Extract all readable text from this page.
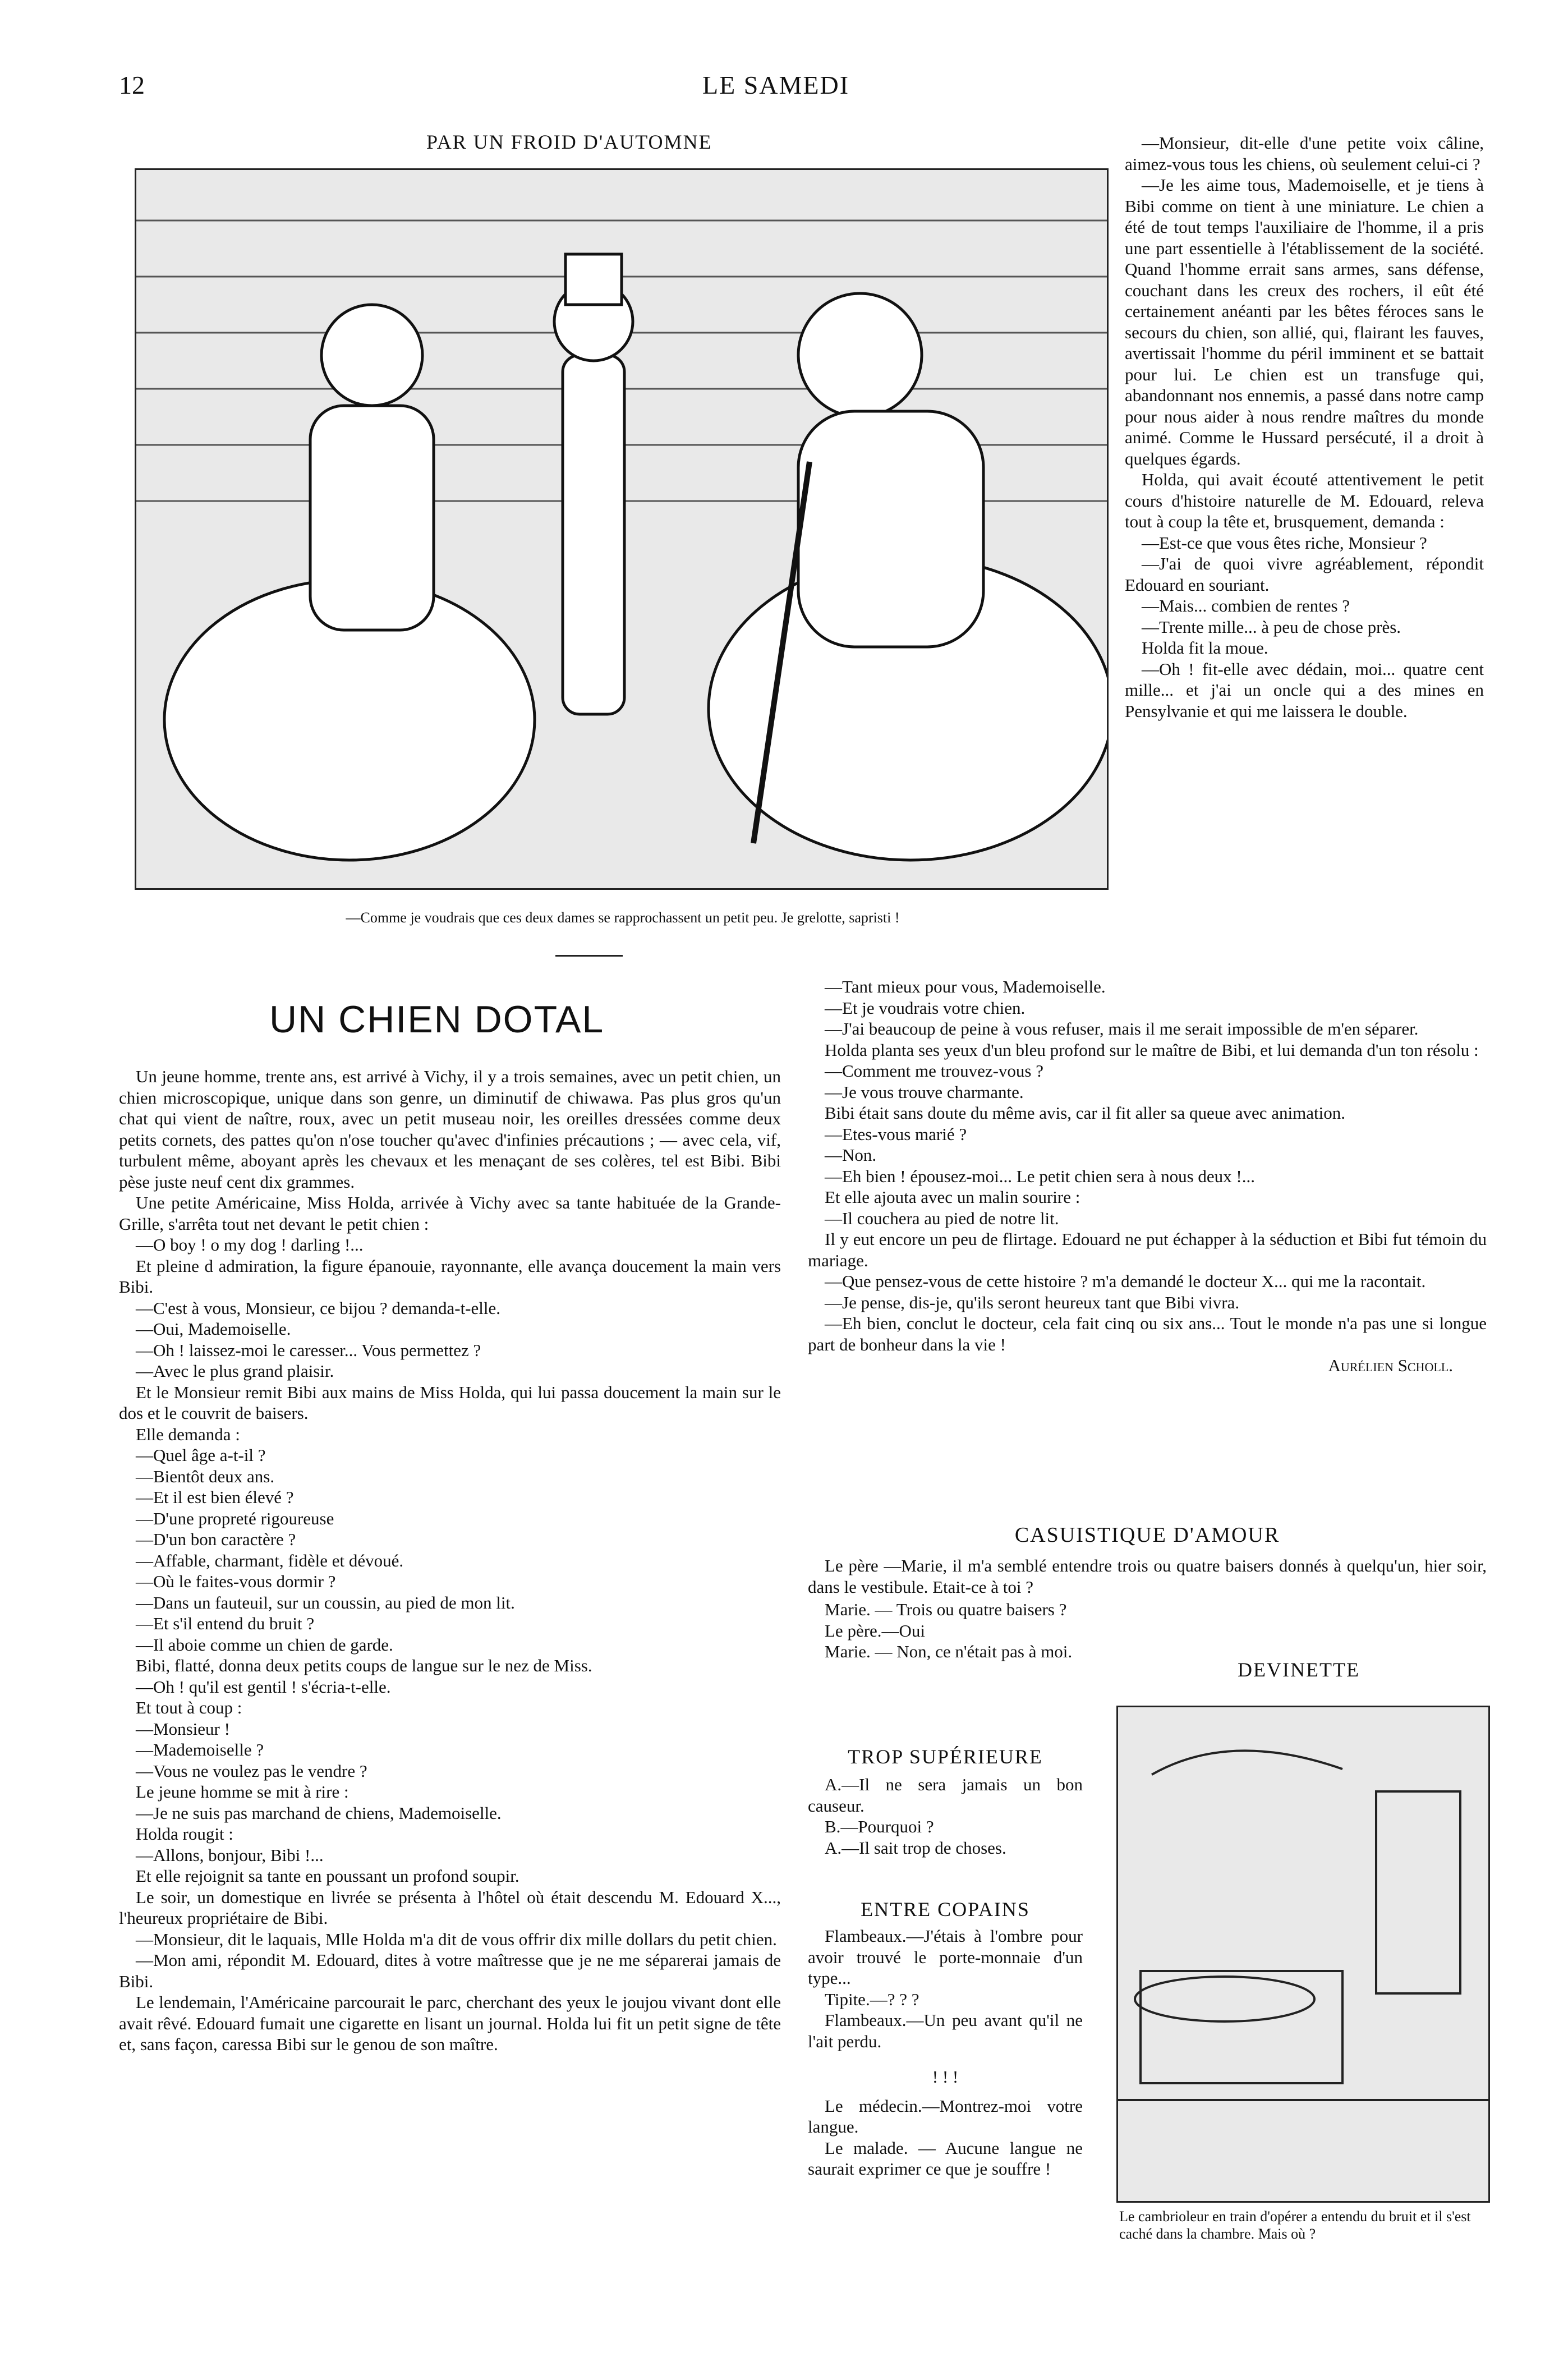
12	LE SAMEDI
PAR UN FROID D'AUTOMNE
—Comme je voudrais que ces deux dames se rapprochassent un petit peu. Je grelotte, sapristi !

—Monsieur, dit-elle d'une petite voix câline, aimez-vous tous les chiens, où seulement celui-ci ?

—Je les aime tous, Mademoiselle, et je tiens à Bibi comme on tient à une miniature. Le chien a été de tout temps l'auxiliaire de l'homme, il a pris une part essentielle à l'établissement de la société. Quand l'homme errait sans armes, sans défense, couchant dans les creux des rochers, il eût été certainement anéanti par les bêtes féroces sans le secours du chien, son allié, qui, flairant les fauves, avertissait l'homme du péril imminent et se battait pour lui. Le chien est un transfuge qui, abandonnant nos ennemis, a passé dans notre camp pour nous aider à nous rendre maîtres du monde animé. Comme le Hussard persécuté, il a droit à quelques égards.

Holda, qui avait écouté attentivement le petit cours d'histoire naturelle de M. Edouard, releva tout à coup la tête et, brusquement, demanda :

—Est-ce que vous êtes riche, Monsieur ?

—J'ai de quoi vivre agréablement, répondit Edouard en souriant.

—Mais... combien de rentes ?

—Trente mille... à peu de chose près.

Holda fit la moue.

—Oh ! fit-elle avec dédain, moi... quatre cent mille... et j'ai un oncle qui a des mines en Pensylvanie et qui me laissera le double.

UN CHIEN DOTAL

Un jeune homme, trente ans, est arrivé à Vichy, il y a trois semaines, avec un petit chien, un chien microscopique, unique dans son genre, un diminutif de chiwawa. Pas plus gros qu'un chat qui vient de naître, roux, avec un petit museau noir, les oreilles dressées comme deux petits cornets, des pattes qu'on n'ose toucher qu'avec d'infinies précautions ; — avec cela, vif, turbulent même, aboyant après les chevaux et les menaçant de ses colères, tel est Bibi. Bibi pèse juste neuf cent dix grammes.

Une petite Américaine, Miss Holda, arrivée à Vichy avec sa tante habituée de la Grande-Grille, s'arrêta tout net devant le petit chien :

—O boy ! o my dog ! darling !...

Et pleine d admiration, la figure épanouie, rayonnante, elle avança doucement la main vers Bibi.

—C'est à vous, Monsieur, ce bijou ? demanda-t-elle.

—Oui, Mademoiselle.

—Oh ! laissez-moi le caresser... Vous permettez ?

—Avec le plus grand plaisir.

Et le Monsieur remit Bibi aux mains de Miss Holda, qui lui passa doucement la main sur le dos et le couvrit de baisers.

Elle demanda :

—Quel âge a-t-il ?

—Bientôt deux ans.

—Et il est bien élevé ?

—D'une propreté rigoureuse

—D'un bon caractère ?

—Affable, charmant, fidèle et dévoué.

—Où le faites-vous dormir ?

—Dans un fauteuil, sur un coussin, au pied de mon lit.

—Et s'il entend du bruit ?

—Il aboie comme un chien de garde.

Bibi, flatté, donna deux petits coups de langue sur le nez de Miss.

—Oh ! qu'il est gentil ! s'écria-t-elle.

Et tout à coup :

—Monsieur !

—Mademoiselle ?

—Vous ne voulez pas le vendre ?

Le jeune homme se mit à rire :

—Je ne suis pas marchand de chiens, Mademoiselle.

Holda rougit :

—Allons, bonjour, Bibi !...

Et elle rejoignit sa tante en poussant un profond soupir.

Le soir, un domestique en livrée se présenta à l'hôtel où était descendu M. Edouard X..., l'heureux propriétaire de Bibi.

—Monsieur, dit le laquais, Mlle Holda m'a dit de vous offrir dix mille dollars du petit chien.

—Mon ami, répondit M. Edouard, dites à votre maîtresse que je ne me séparerai jamais de Bibi.

Le lendemain, l'Américaine parcourait le parc, cherchant des yeux le joujou vivant dont elle avait rêvé. Edouard fumait une cigarette en lisant un journal. Holda lui fit un petit signe de tête et, sans façon, caressa Bibi sur le genou de son maître.

—Tant mieux pour vous, Mademoiselle.

—Et je voudrais votre chien.

—J'ai beaucoup de peine à vous refuser, mais il me serait impossible de m'en séparer.

Holda planta ses yeux d'un bleu profond sur le maître de Bibi, et lui demanda d'un ton résolu :

—Comment me trouvez-vous ?

—Je vous trouve charmante.

Bibi était sans doute du même avis, car il fit aller sa queue avec animation.

—Etes-vous marié ?

—Non.

—Eh bien ! épousez-moi... Le petit chien sera à nous deux !...

Et elle ajouta avec un malin sourire :

—Il couchera au pied de notre lit.

Il y eut encore un peu de flirtage. Edouard ne put échapper à la séduction et Bibi fut témoin du mariage.

—Que pensez-vous de cette histoire ? m'a demandé le docteur X... qui me la racontait.

—Je pense, dis-je, qu'ils seront heureux tant que Bibi vivra.

—Eh bien, conclut le docteur, cela fait cinq ou six ans... Tout le monde n'a pas une si longue part de bonheur dans la vie !

Aurélien Scholl.

CASUISTIQUE D'AMOUR

Le père —Marie, il m'a semblé entendre trois ou quatre baisers donnés à quelqu'un, hier soir, dans le vestibule. Etait-ce à toi ?

Marie. — Trois ou quatre baisers ?

Le père.—Oui

Marie. — Non, ce n'était pas à moi.

TROP SUPÉRIEURE

A.—Il ne sera jamais un bon causeur.

B.—Pourquoi ?

A.—Il sait trop de choses.

ENTRE COPAINS

Flambeaux.—J'étais à l'ombre pour avoir trouvé le porte-monnaie d'un type...

Tipite.—? ? ?

Flambeaux.—Un peu avant qu'il ne l'ait perdu.

! ! !

Le médecin.—Montrez-moi votre langue.

Le malade. — Aucune langue ne saurait exprimer ce que je souffre !

DEVINETTE
Le cambrioleur en train d'opérer a entendu du bruit et il s'est caché dans la chambre. Mais où ?
